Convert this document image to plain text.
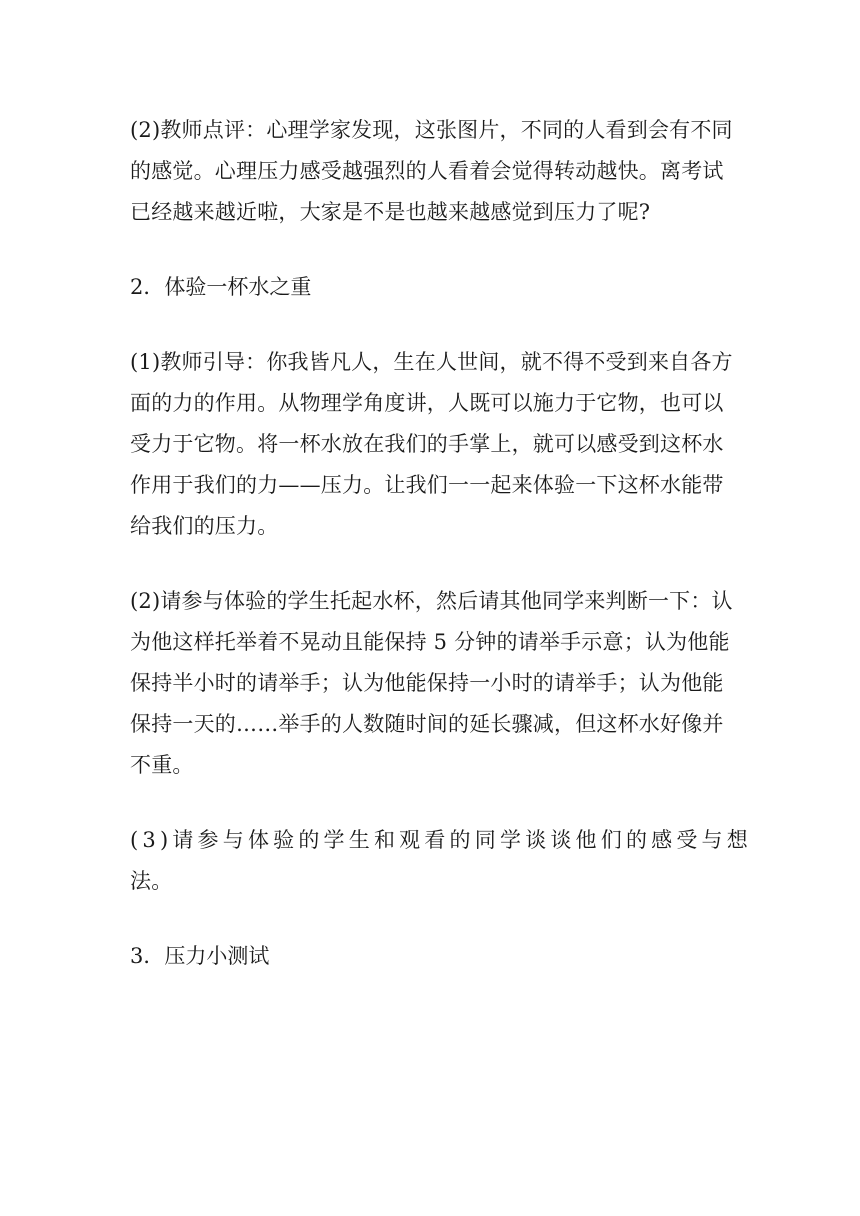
(2)教师点评：心理学家发现，这张图片，不同的人看到会有不同
的感觉。心理压力感受越强烈的人看着会觉得转动越快。离考试
已经越来越近啦，大家是不是也越来越感觉到压力了呢?
2．体验一杯水之重
(1)教师引导：你我皆凡人，生在人世间，就不得不受到来自各方
面的力的作用。从物理学角度讲，人既可以施力于它物，也可以
受力于它物。将一杯水放在我们的手掌上，就可以感受到这杯水
作用于我们的力——压力。让我们一一起来体验一下这杯水能带
给我们的压力。
(2)请参与体验的学生托起水杯，然后请其他同学来判断一下：认
为他这样托举着不晃动且能保持 5 分钟的请举手示意；认为他能
保持半小时的请举手；认为他能保持一小时的请举手；认为他能
保持一天的……举手的人数随时间的延长骤减，但这杯水好像并
不重。
(3)请参与体验的学生和观看的同学谈谈他们的感受与想
法。
3．压力小测试
